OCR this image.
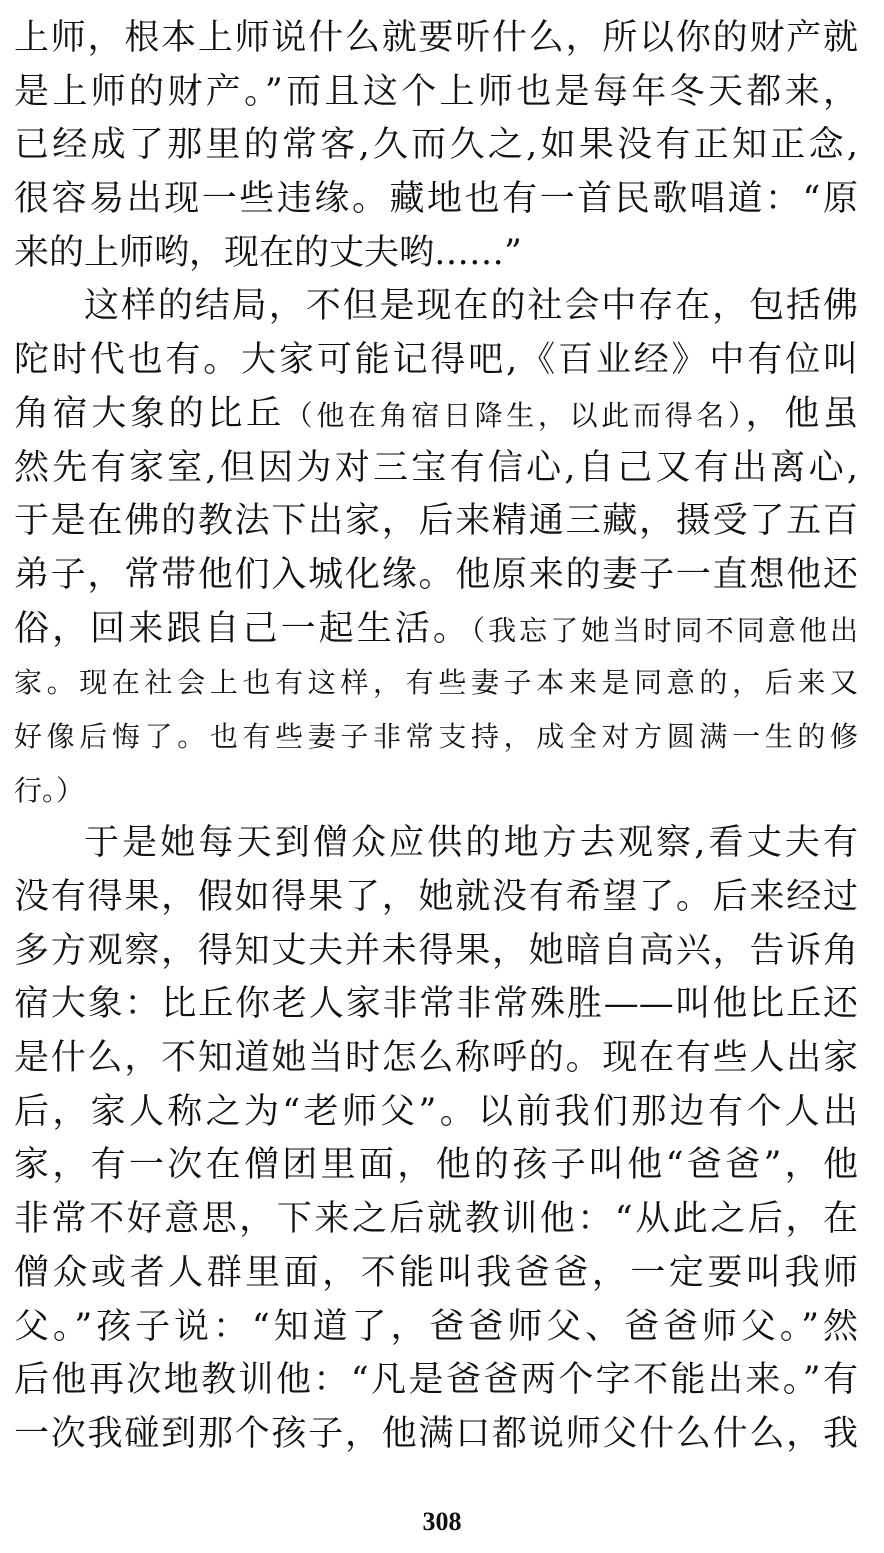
上师，根本上师说什么就要听什么，所以你的财产就
是上师的财产。”而且这个上师也是每年冬天都来，
已经成了那里的常客,久而久之,如果没有正知正念,
很容易出现一些违缘。藏地也有一首民歌唱道：“原
来的上师哟，现在的丈夫哟……”
这样的结局，不但是现在的社会中存在，包括佛
陀时代也有。大家可能记得吧,《百业经》中有位叫
角宿大象的比丘（他在角宿日降生，以此而得名），他虽
然先有家室,但因为对三宝有信心,自己又有出离心,
于是在佛的教法下出家，后来精通三藏，摄受了五百
弟子，常带他们入城化缘。他原来的妻子一直想他还
俗，回来跟自己一起生活。（我忘了她当时同不同意他出
家。现在社会上也有这样，有些妻子本来是同意的，后来又
好像后悔了。也有些妻子非常支持，成全对方圆满一生的修
行。）
于是她每天到僧众应供的地方去观察,看丈夫有
没有得果，假如得果了，她就没有希望了。后来经过
多方观察，得知丈夫并未得果，她暗自高兴，告诉角
宿大象：比丘你老人家非常非常殊胜——叫他比丘还
是什么，不知道她当时怎么称呼的。现在有些人出家
后，家人称之为“老师父”。以前我们那边有个人出
家，有一次在僧团里面，他的孩子叫他“爸爸”，他
非常不好意思，下来之后就教训他：“从此之后，在
僧众或者人群里面，不能叫我爸爸，一定要叫我师
父。”孩子说：“知道了，爸爸师父、爸爸师父。”然
后他再次地教训他：“凡是爸爸两个字不能出来。”有
一次我碰到那个孩子，他满口都说师父什么什么，我
308
